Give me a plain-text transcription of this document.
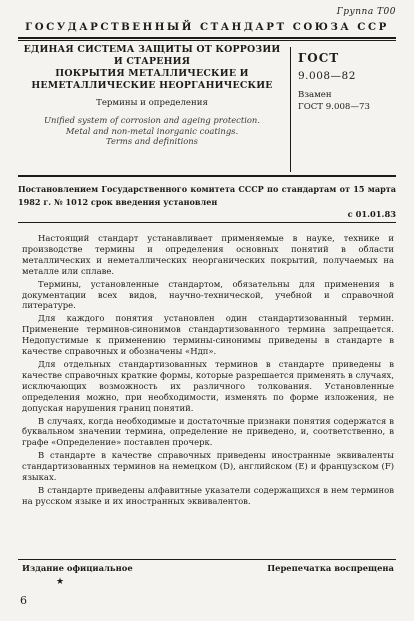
Группа Т00
ГОСУДАРСТВЕННЫЙ СТАНДАРТ СОЮЗА ССР
ЕДИНАЯ СИСТЕМА ЗАЩИТЫ ОТ КОРРОЗИИ
И СТАРЕНИЯ
ПОКРЫТИЯ МЕТАЛЛИЧЕСКИЕ И
НЕМЕТАЛЛИЧЕСКИЕ НЕОРГАНИЧЕСКИЕ
Термины и определения
Unified system of corrosion and ageing protection.
Metal and non-metal inorganic coatings.
Terms and definitions
ГОСТ
9.008—82
Взамен
ГОСТ 9.008—73
Постановлением Государственного комитета СССР по стандартам от 15 марта 1982 г. № 1012 срок введения установлен
с 01.01.83

Настоящий стандарт устанавливает применяемые в науке, технике и производстве термины и определения основных понятий в области металлических и неметаллических неорганических покрытий, получаемых на металле или сплаве.

Термины, установленные стандартом, обязательны для применения в документации всех видов, научно-технической, учебной и справочной литературе.

Для каждого понятия установлен один стандартизованный термин. Применение терминов-синонимов стандартизованного термина запрещается. Недопустимые к применению термины-синонимы приведены в стандарте в качестве справочных и обозначены «Ндп».

Для отдельных стандартизованных терминов в стандарте приведены в качестве справочных краткие формы, которые разрешается применять в случаях, исключающих возможность их различного толкования. Установленные определения можно, при необходимости, изменять по форме изложения, не допуская нарушения границ понятий.

В случаях, когда необходимые и достаточные признаки понятия содержатся в буквальном значении термина, определение не приведено, и, соответственно, в графе «Определение» поставлен прочерк.

В стандарте в качестве справочных приведены иностранные эквиваленты стандартизованных терминов на немецком (D), английском (E) и французском (F) языках.

В стандарте приведены алфавитные указатели содержащихся в нем терминов на русском языке и их иностранных эквивалентов.

Издание официальное	Перепечатка воспрещена
★
6
